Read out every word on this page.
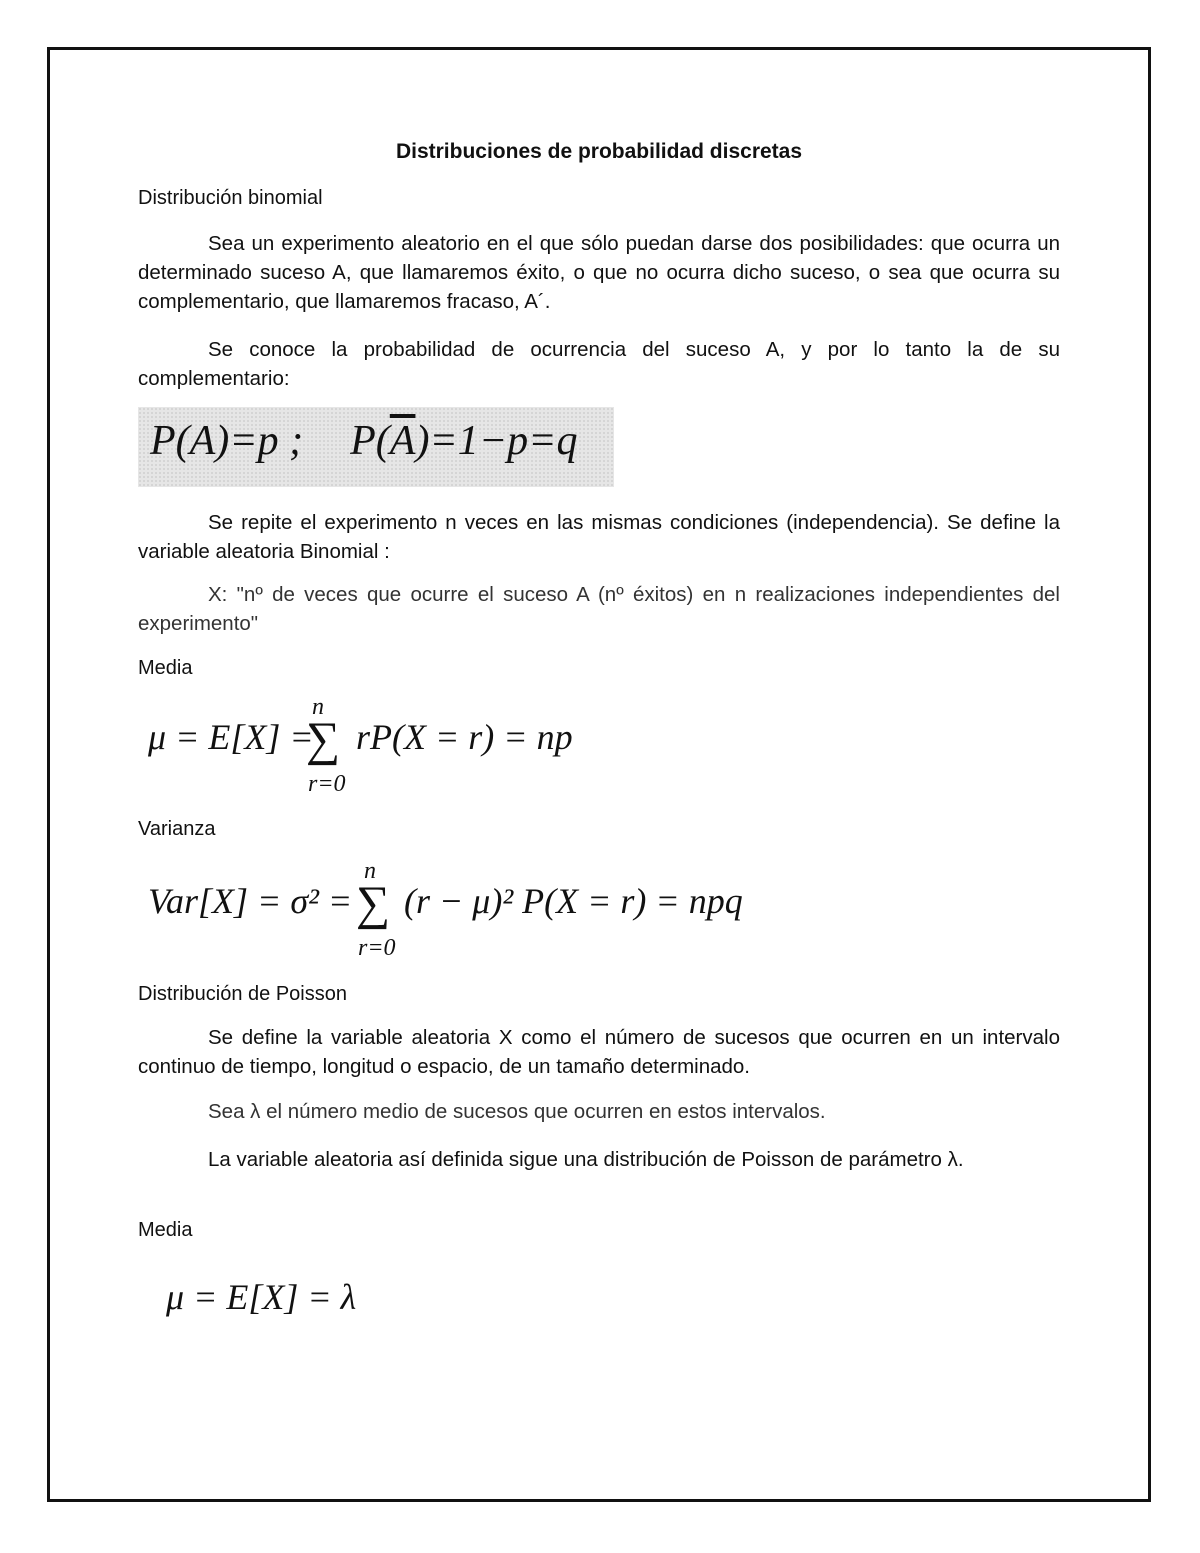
Distribuciones de probabilidad discretas
Distribución binomial
Sea un experimento aleatorio en el que sólo puedan darse dos posibilidades: que ocurra un determinado suceso A, que llamaremos éxito, o que no ocurra dicho suceso, o sea que ocurra su complementario, que llamaremos fracaso, A´.
Se conoce la probabilidad de ocurrencia del suceso A, y por lo tanto la de su complementario:
P(A)=p ; $P(\overline{A})=1-p=q$
Se repite el experimento n veces en las mismas condiciones (independencia). Se define la variable aleatoria Binomial :
X: "nº de veces que ocurre el suceso A (nº éxitos) en n realizaciones independientes del experimento"
Media
μ = E[X] =
n
∑
r=0
rP(X = r) = np
Varianza
Var[X] = σ² =
n
∑
r=0
(r − μ)² P(X = r) = npq
Distribución de Poisson
Se define la variable aleatoria X como el número de sucesos que ocurren en un intervalo continuo de tiempo, longitud o espacio, de un tamaño determinado.
Sea λ el número medio de sucesos que ocurren en estos intervalos.
La variable aleatoria así definida sigue una distribución de Poisson de parámetro λ.
Media
μ = E[X] = λ
